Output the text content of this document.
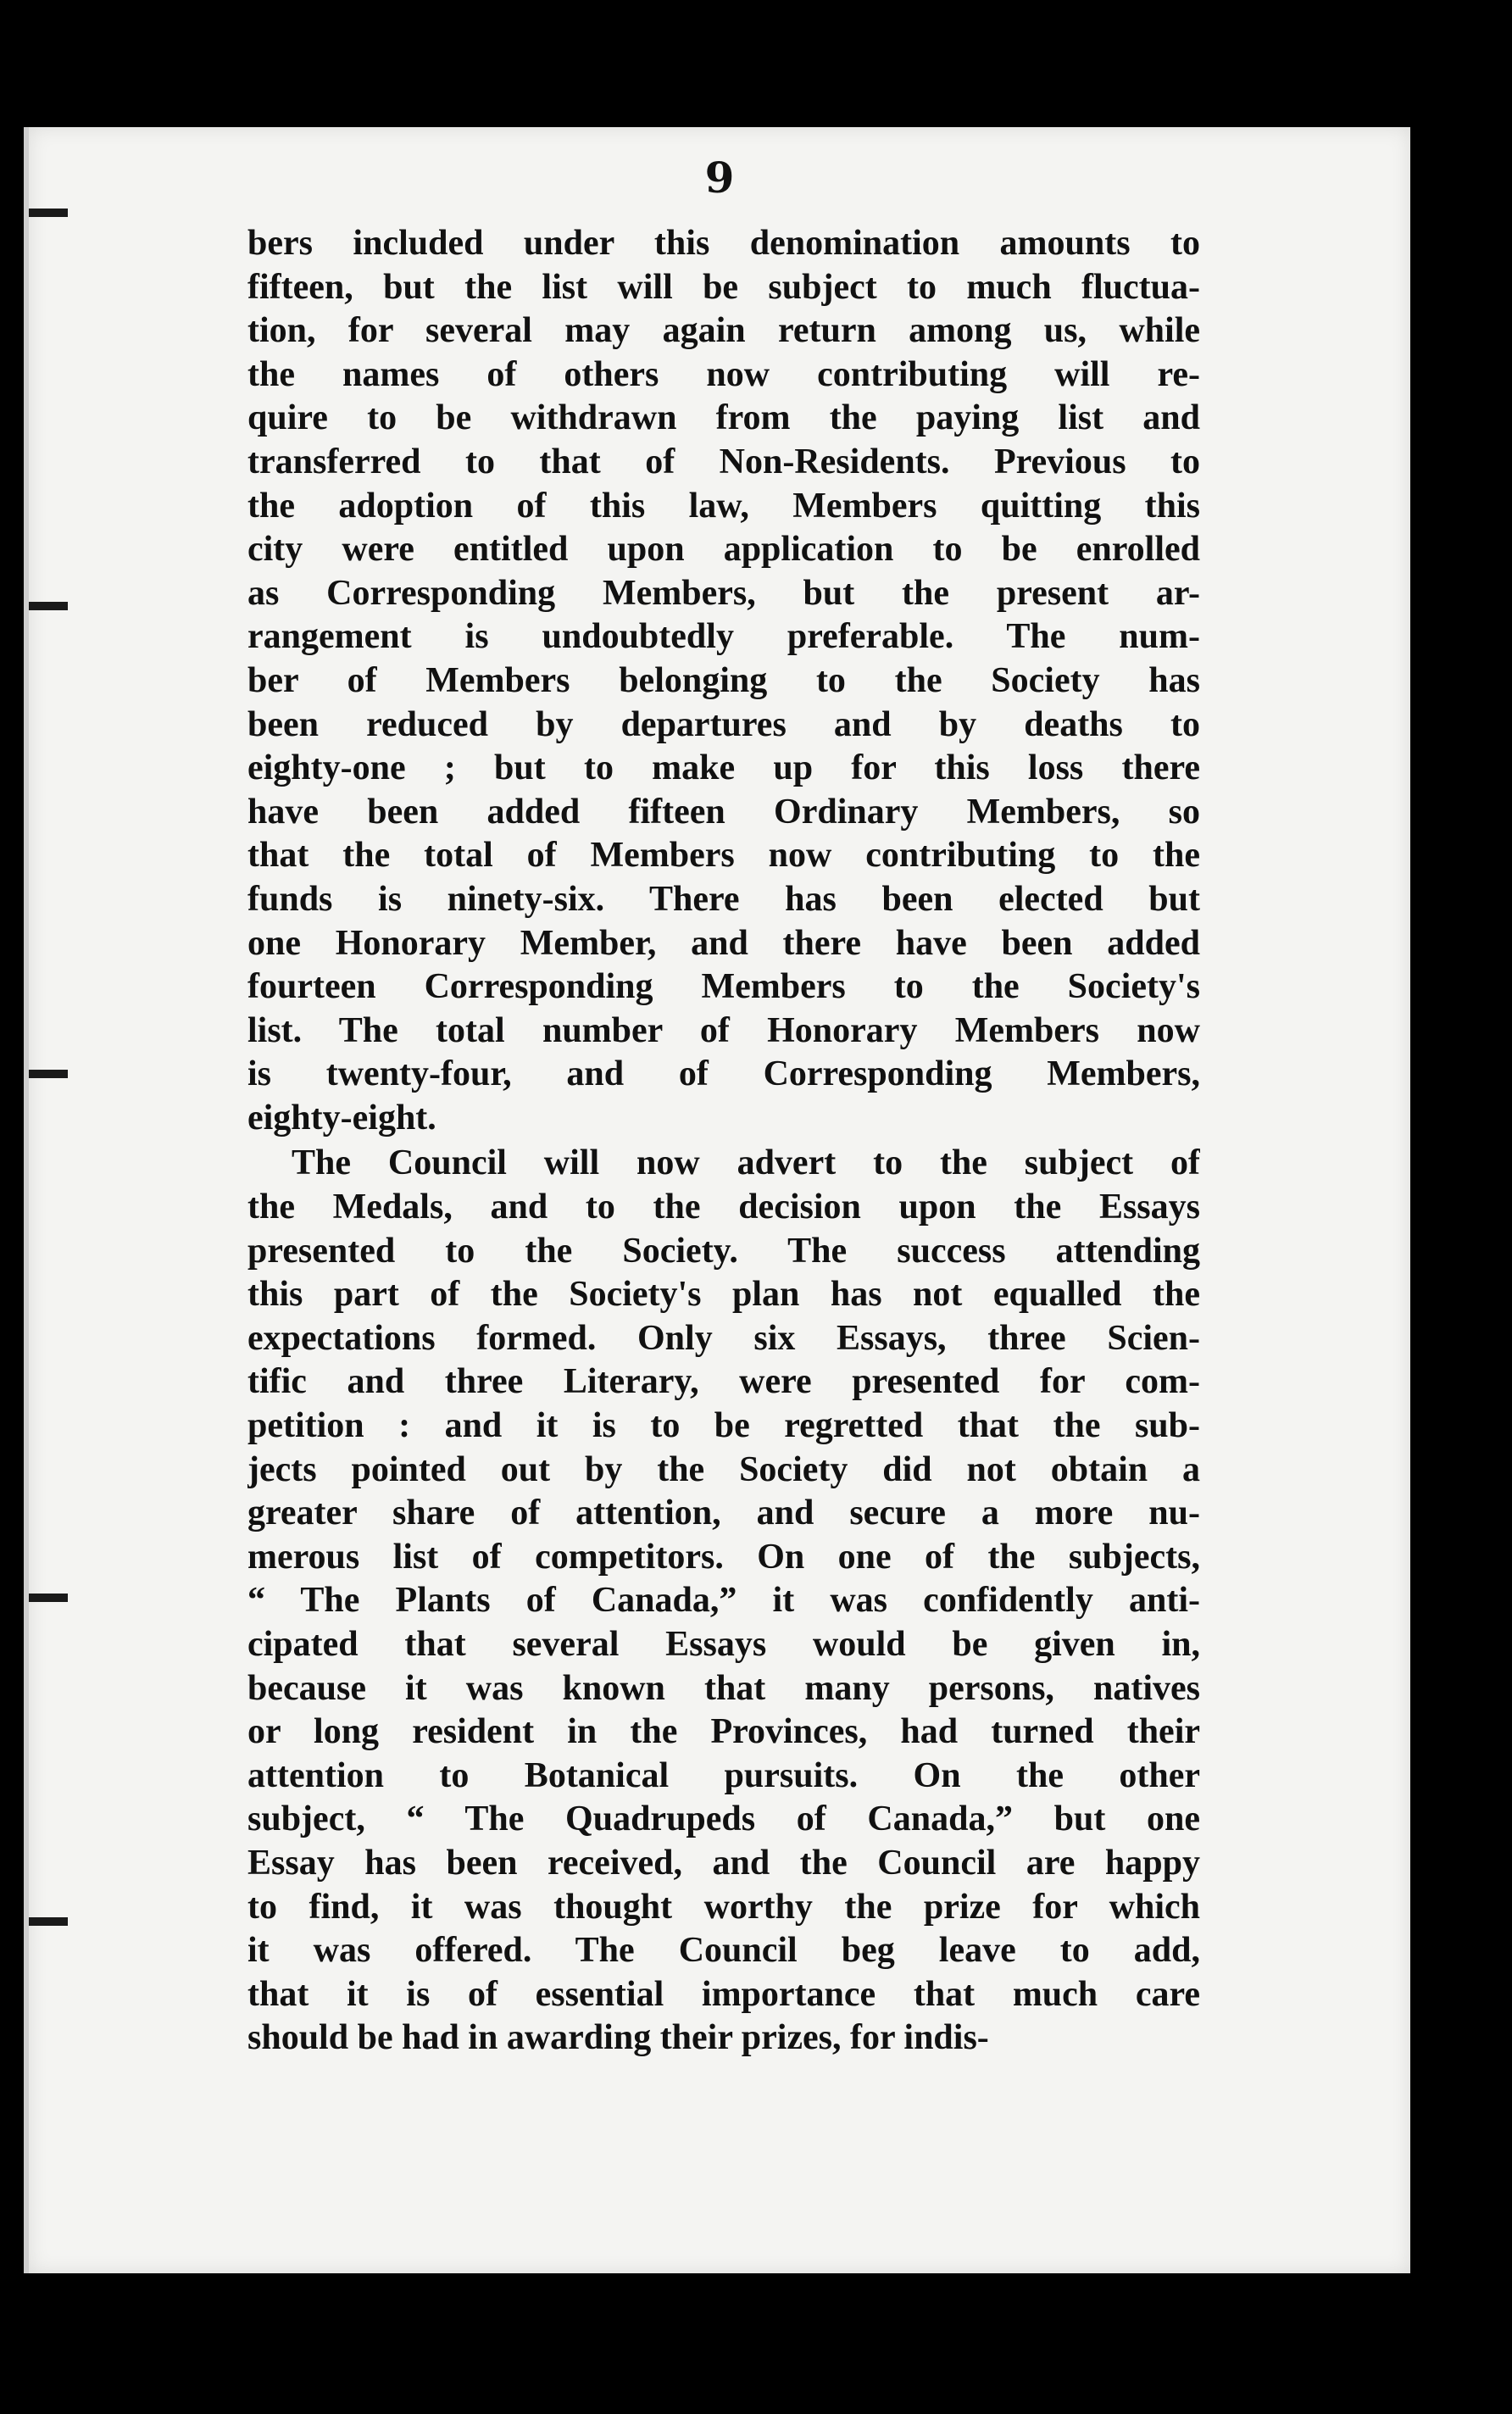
9
bers included under this denomination amounts to
fifteen, but the list will be subject to much fluctua-
tion, for several may again return among us, while
the names of others now contributing will re-
quire to be withdrawn from the paying list and
transferred to that of Non-Residents. Previous to
the adoption of this law, Members quitting this
city were entitled upon application to be enrolled
as Corresponding Members, but the present ar-
rangement is undoubtedly preferable. The num-
ber of Members belonging to the Society has
been reduced by departures and by deaths to
eighty-one ; but to make up for this loss there
have been added fifteen Ordinary Members, so
that the total of Members now contributing to the
funds is ninety-six. There has been elected but
one Honorary Member, and there have been added
fourteen Corresponding Members to the Society's
list. The total number of Honorary Members now
is twenty-four, and of Corresponding Members,
eighty-eight.
The Council will now advert to the subject of
the Medals, and to the decision upon the Essays
presented to the Society. The success attending
this part of the Society's plan has not equalled the
expectations formed. Only six Essays, three Scien-
tific and three Literary, were presented for com-
petition : and it is to be regretted that the sub-
jects pointed out by the Society did not obtain a
greater share of attention, and secure a more nu-
merous list of competitors. On one of the subjects,
“ The Plants of Canada,” it was confidently anti-
cipated that several Essays would be given in,
because it was known that many persons, natives
or long resident in the Provinces, had turned their
attention to Botanical pursuits. On the other
subject, “ The Quadrupeds of Canada,” but one
Essay has been received, and the Council are happy
to find, it was thought worthy the prize for which
it was offered. The Council beg leave to add,
that it is of essential importance that much care
should be had in awarding their prizes, for indis-
